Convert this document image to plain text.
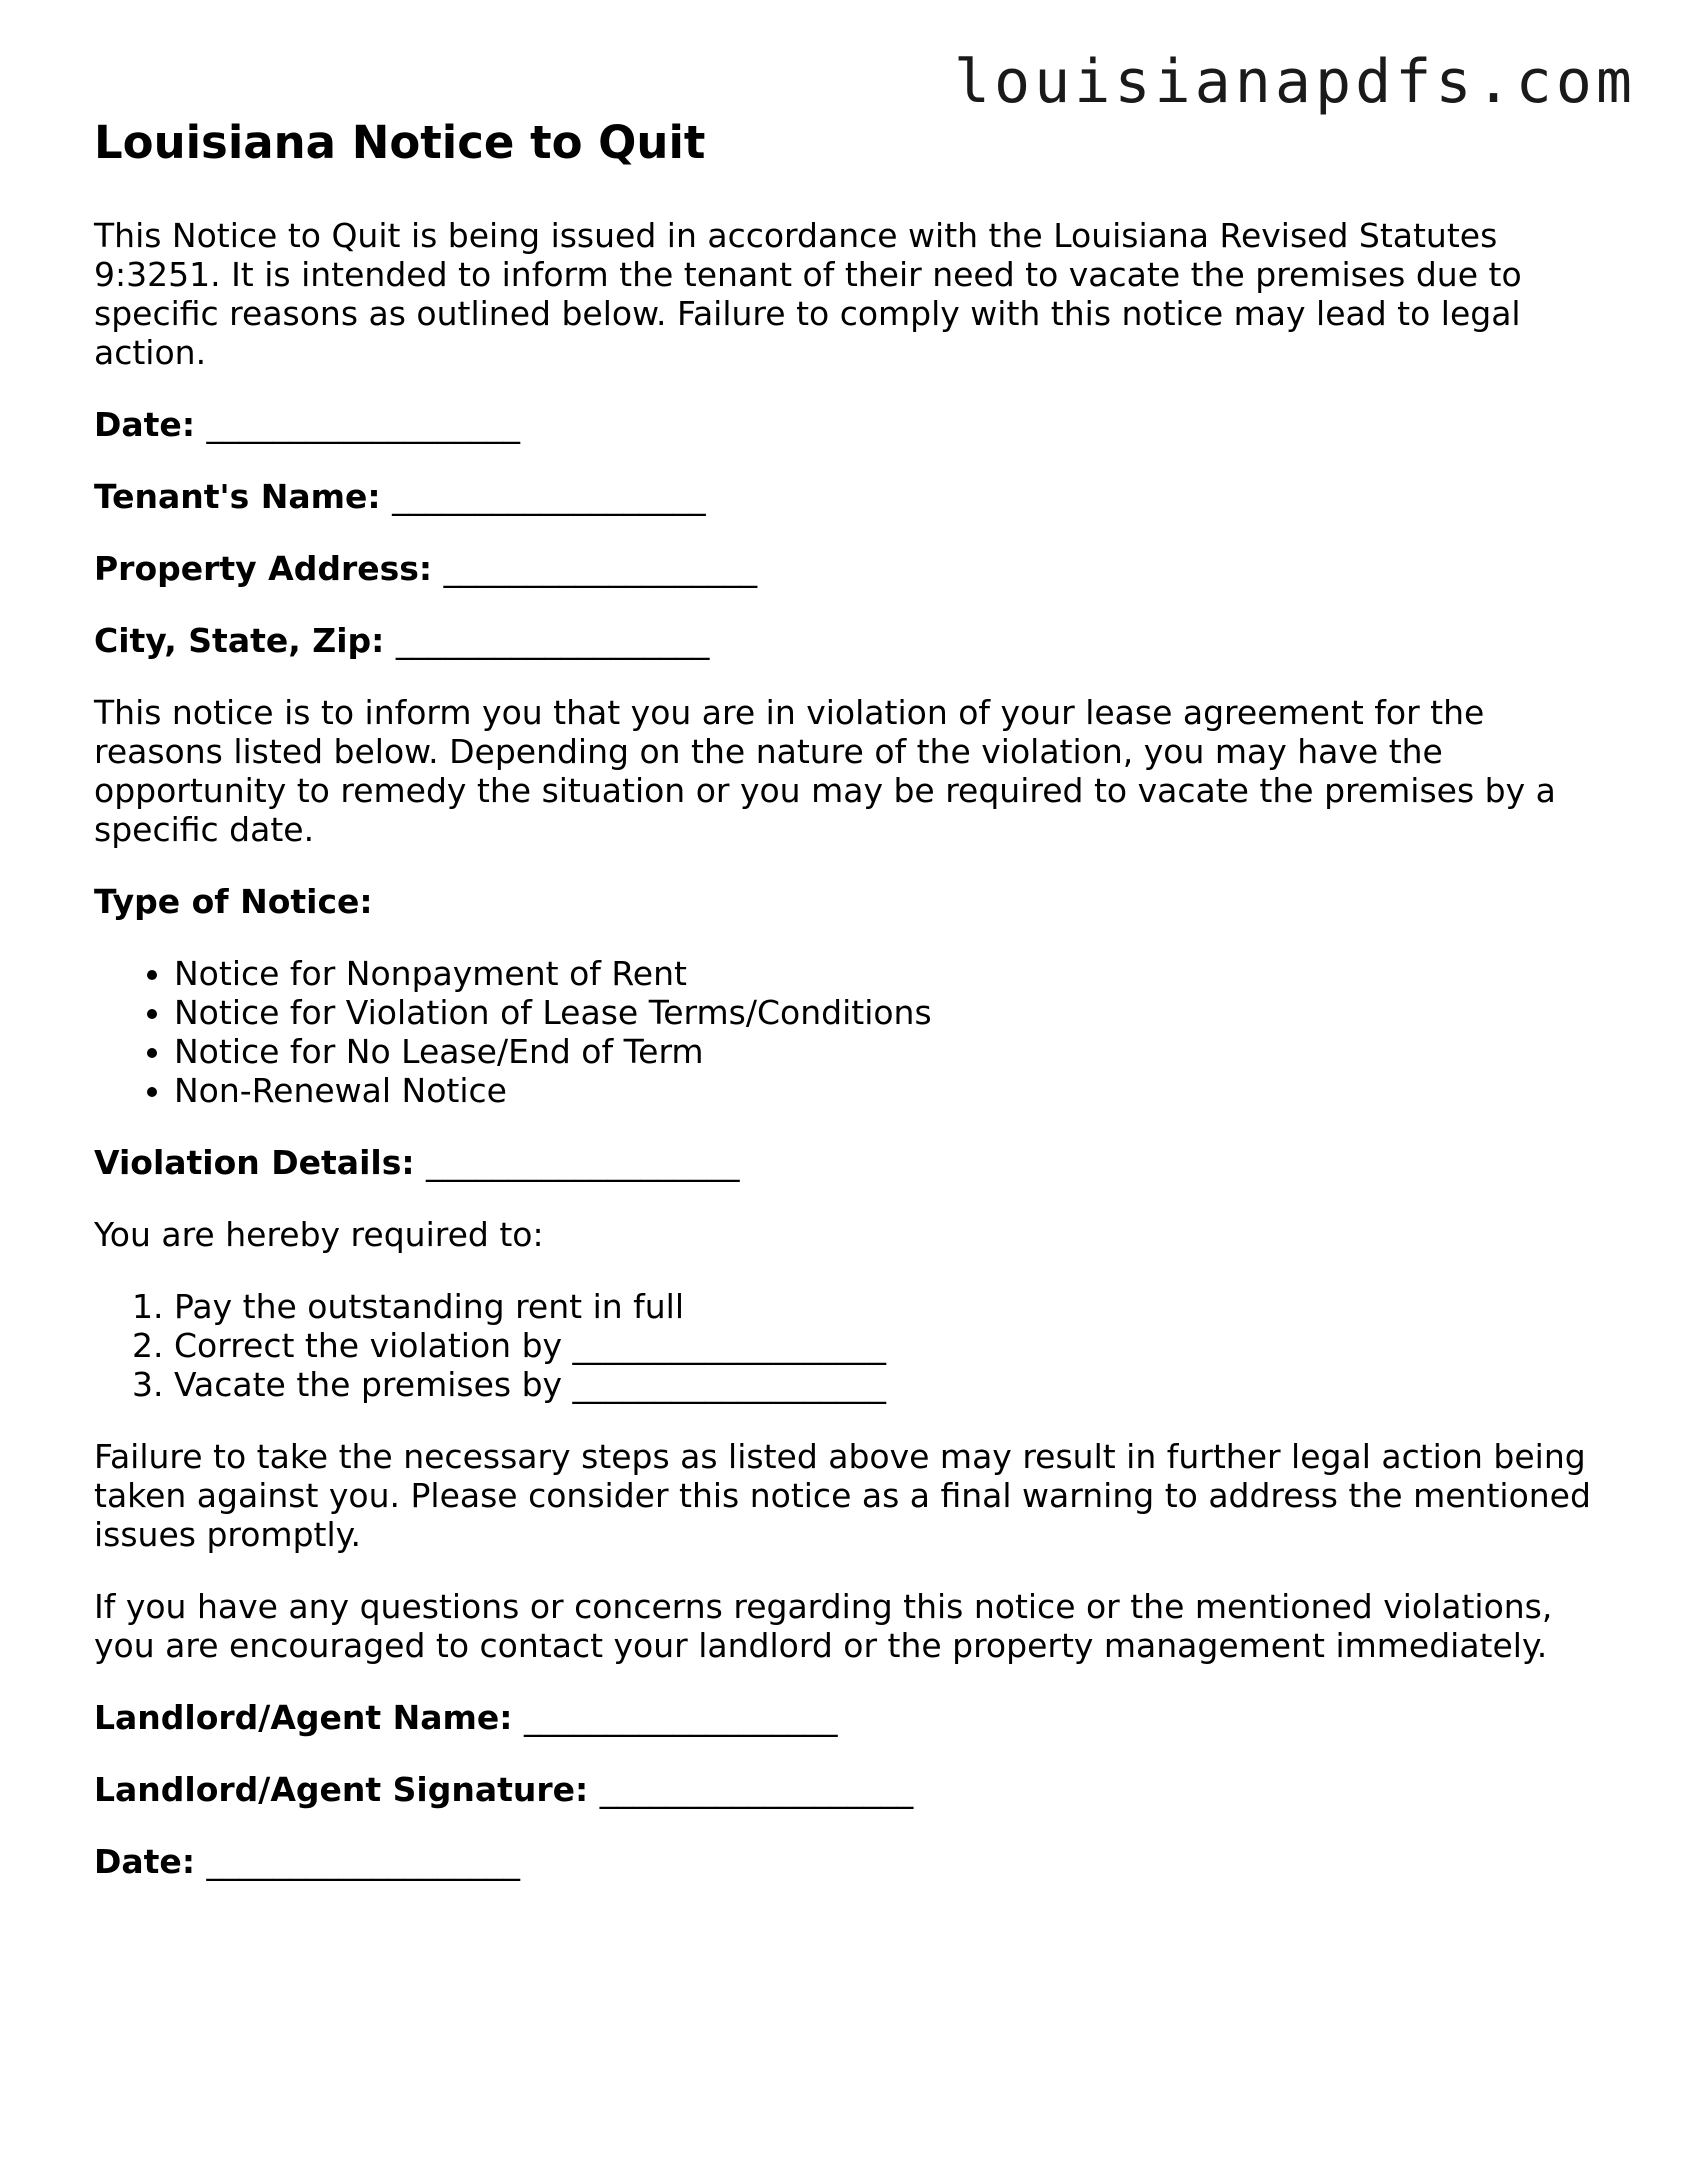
louisianapdfs.com
Louisiana Notice to Quit

This Notice to Quit is being issued in accordance with the Louisiana Revised Statutes 9:3251. It is intended to inform the tenant of their need to vacate the premises due to specific reasons as outlined below. Failure to comply with this notice may lead to legal action.

Date: ___________________
Tenant's Name: ___________________
Property Address: ___________________
City, State, Zip: ___________________

This notice is to inform you that you are in violation of your lease agreement for the reasons listed below. Depending on the nature of the violation, you may have the opportunity to remedy the situation or you may be required to vacate the premises by a specific date.

Type of Notice:
• Notice for Nonpayment of Rent
• Notice for Violation of Lease Terms/Conditions
• Notice for No Lease/End of Term
• Non-Renewal Notice
Violation Details: ___________________

You are hereby required to:

1. Pay the outstanding rent in full
2. Correct the violation by ___________________
3. Vacate the premises by ___________________

Failure to take the necessary steps as listed above may result in further legal action being taken against you. Please consider this notice as a final warning to address the mentioned issues promptly.

If you have any questions or concerns regarding this notice or the mentioned violations, you are encouraged to contact your landlord or the property management immediately.

Landlord/Agent Name: ___________________
Landlord/Agent Signature: ___________________
Date: ___________________
